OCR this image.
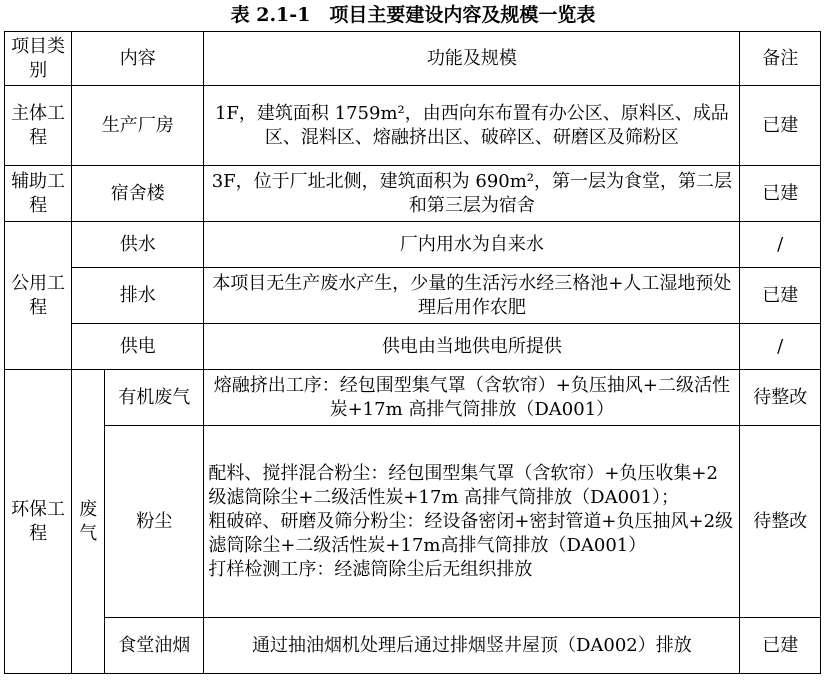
表 2.1-1　项目主要建设内容及规模一览表
项目类别	内容		功能及规模	备注
主体工程	生产厂房		1F，建筑面积 1759m²，由西向东布置有办公区、原料区、成品区、混料区、熔融挤出区、破碎区、研磨区及筛粉区	已建
辅助工程	宿舍楼		3F，位于厂址北侧，建筑面积为 690m²，第一层为食堂，第二层和第三层为宿舍	已建
公用工程	供水		厂内用水为自来水	/
	排水		本项目无生产废水产生，少量的生活污水经三格池+人工湿地预处理后用作农肥	已建
	供电		供电由当地供电所提供	/
环保工程	废气	有机废气	熔融挤出工序：经包围型集气罩（含软帘）+负压抽风+二级活性炭+17m 高排气筒排放（DA001）	待整改
		粉尘	配料、搅拌混合粉尘：经包围型集气罩（含软帘）+负压收集+2 级滤筒除尘+二级活性炭+17m 高排气筒排放（DA001）；
粗破碎、研磨及筛分粉尘：经设备密闭+密封管道+负压抽风+2级滤筒除尘+二级活性炭+17m高排气筒排放（DA001）
打样检测工序：经滤筒除尘后无组织排放	待整改
		食堂油烟	通过抽油烟机处理后通过排烟竖井屋顶（DA002）排放	已建
